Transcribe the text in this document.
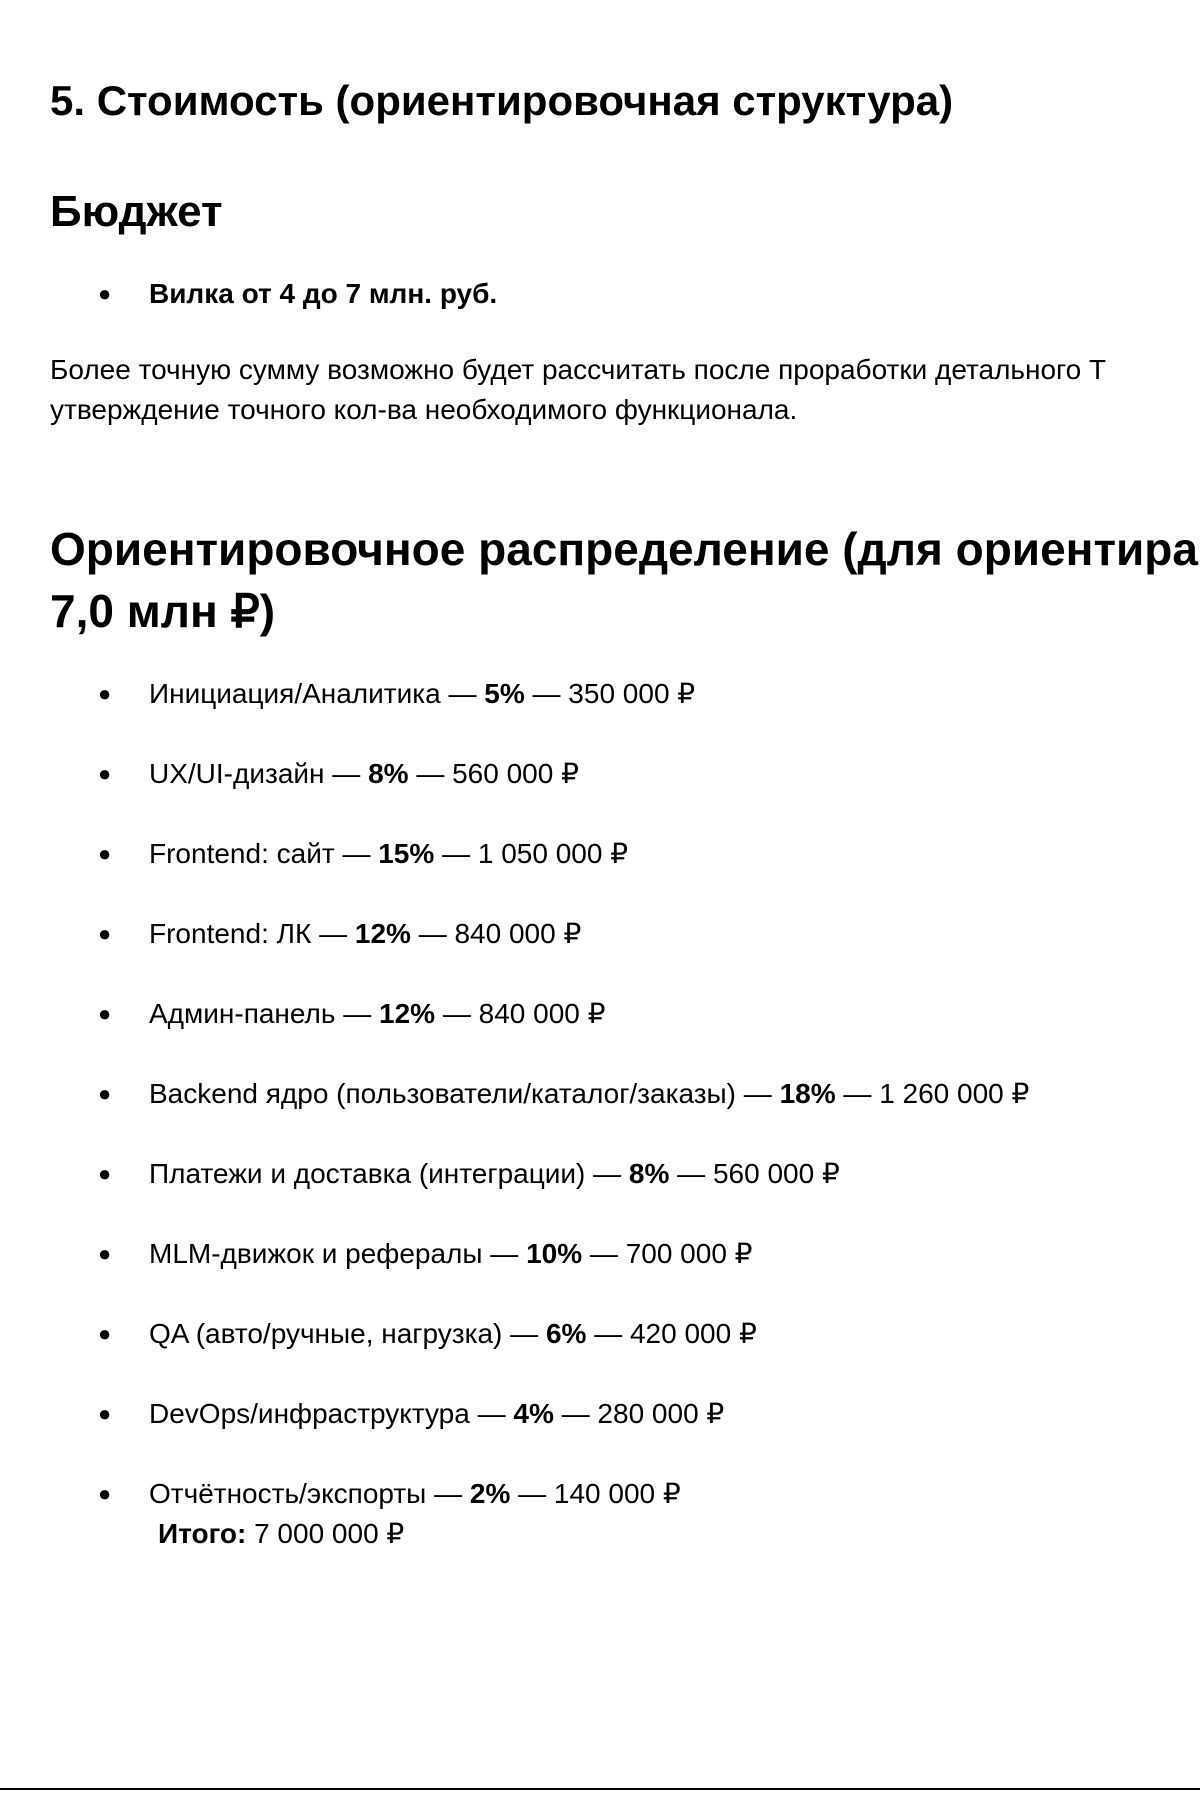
5. Стоимость (ориентировочная структура)
Бюджет
● Вилка от 4 до 7 млн. руб.
Более точную сумму возможно будет рассчитать после проработки детального Т
утверждение точного кол-ва необходимого функционала.
Ориентировочное распределение (для ориентира
7,0 млн ₽)
● Инициация/Аналитика — 5% — 350 000 ₽
● UX/UI-дизайн — 8% — 560 000 ₽
● Frontend: сайт — 15% — 1 050 000 ₽
● Frontend: ЛК — 12% — 840 000 ₽
● Админ-панель — 12% — 840 000 ₽
● Backend ядро (пользователи/каталог/заказы) — 18% — 1 260 000 ₽
● Платежи и доставка (интеграции) — 8% — 560 000 ₽
● MLM-движок и рефералы — 10% — 700 000 ₽
● QA (авто/ручные, нагрузка) — 6% — 420 000 ₽
● DevOps/инфраструктура — 4% — 280 000 ₽
● Отчётность/экспорты — 2% — 140 000 ₽
Итого: 7 000 000 ₽
